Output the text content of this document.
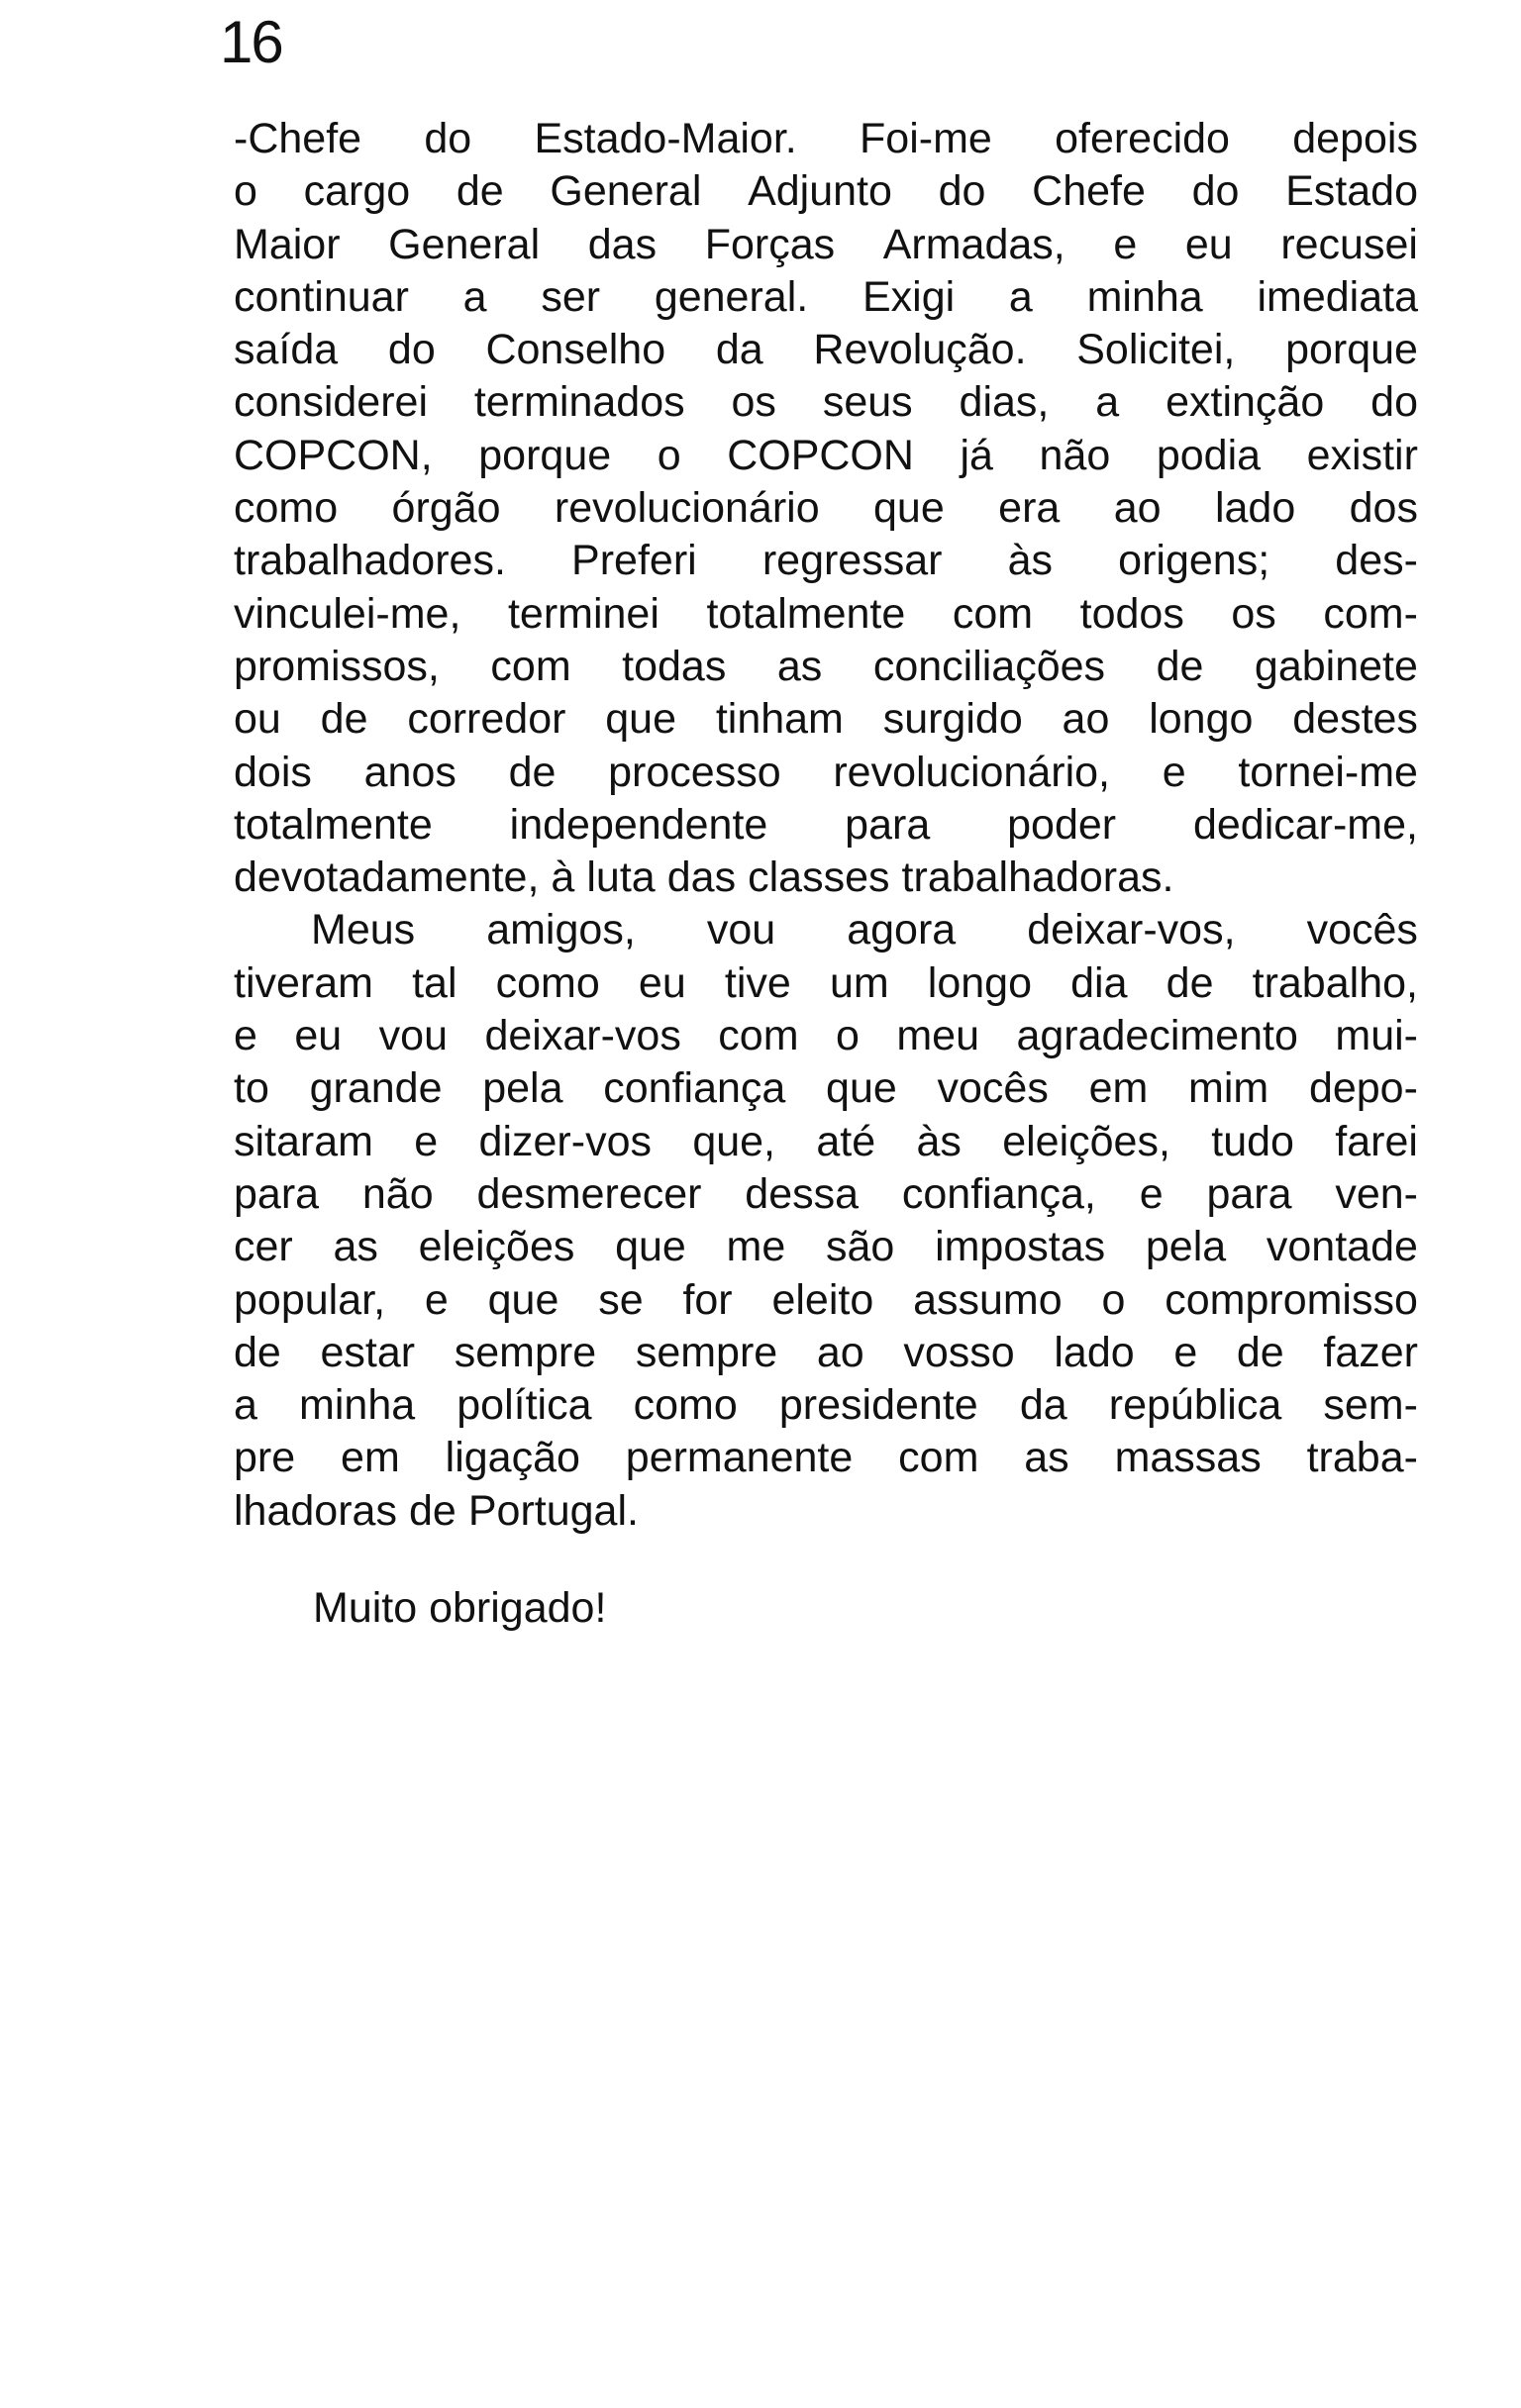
16
-Chefe do Estado-Maior. Foi-me oferecido depois
o cargo de General Adjunto do Chefe do Estado
Maior General das Forças Armadas, e eu recusei
continuar a ser general. Exigi a minha imediata
saída do Conselho da Revolução. Solicitei, porque
considerei terminados os seus dias, a extinção do
COPCON, porque o COPCON já não podia existir
como órgão revolucionário que era ao lado dos
trabalhadores. Preferi regressar às origens; des-
vinculei-me, terminei totalmente com todos os com-
promissos, com todas as conciliações de gabinete
ou de corredor que tinham surgido ao longo destes
dois anos de processo revolucionário, e tornei-me
totalmente independente para poder dedicar-me,
devotadamente, à luta das classes trabalhadoras.
Meus amigos, vou agora deixar-vos, vocês
tiveram tal como eu tive um longo dia de trabalho,
e eu vou deixar-vos com o meu agradecimento mui-
to grande pela confiança que vocês em mim depo-
sitaram e dizer-vos que, até às eleições, tudo farei
para não desmerecer dessa confiança, e para ven-
cer as eleições que me são impostas pela vontade
popular, e que se for eleito assumo o compromisso
de estar sempre sempre ao vosso lado e de fazer
a minha política como presidente da república sem-
pre em ligação permanente com as massas traba-
lhadoras de Portugal.
Muito obrigado!
